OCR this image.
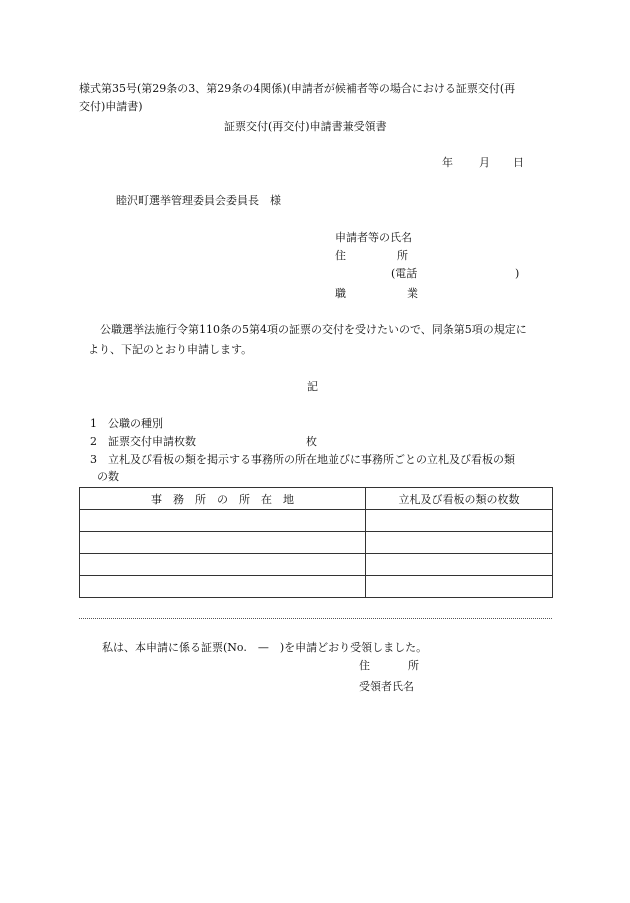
様式第35号(第29条の3、第29条の4関係)(申請者が候補者等の場合における証票交付(再
交付)申請書)
証票交付(再交付)申請書兼受領書
年 月 日
睦沢町選挙管理委員会委員長　様
申請者等の氏名
住	所
(電話	)
職	業
公職選挙法施行令第110条の5第4項の証票の交付を受けたいので、同条第5項の規定に
より、下記のとおり申請します。
記
1　公職の種別
2　証票交付申請枚数	枚
3　立札及び看板の類を掲示する事務所の所在地並びに事務所ごとの立札及び看板の類
の数
事　務　所　の　所　在　地	立札及び看板の類の枚数

私は、本申請に係る証票(No.　—　)を申請どおり受領しました。
住	所
受領者氏名
